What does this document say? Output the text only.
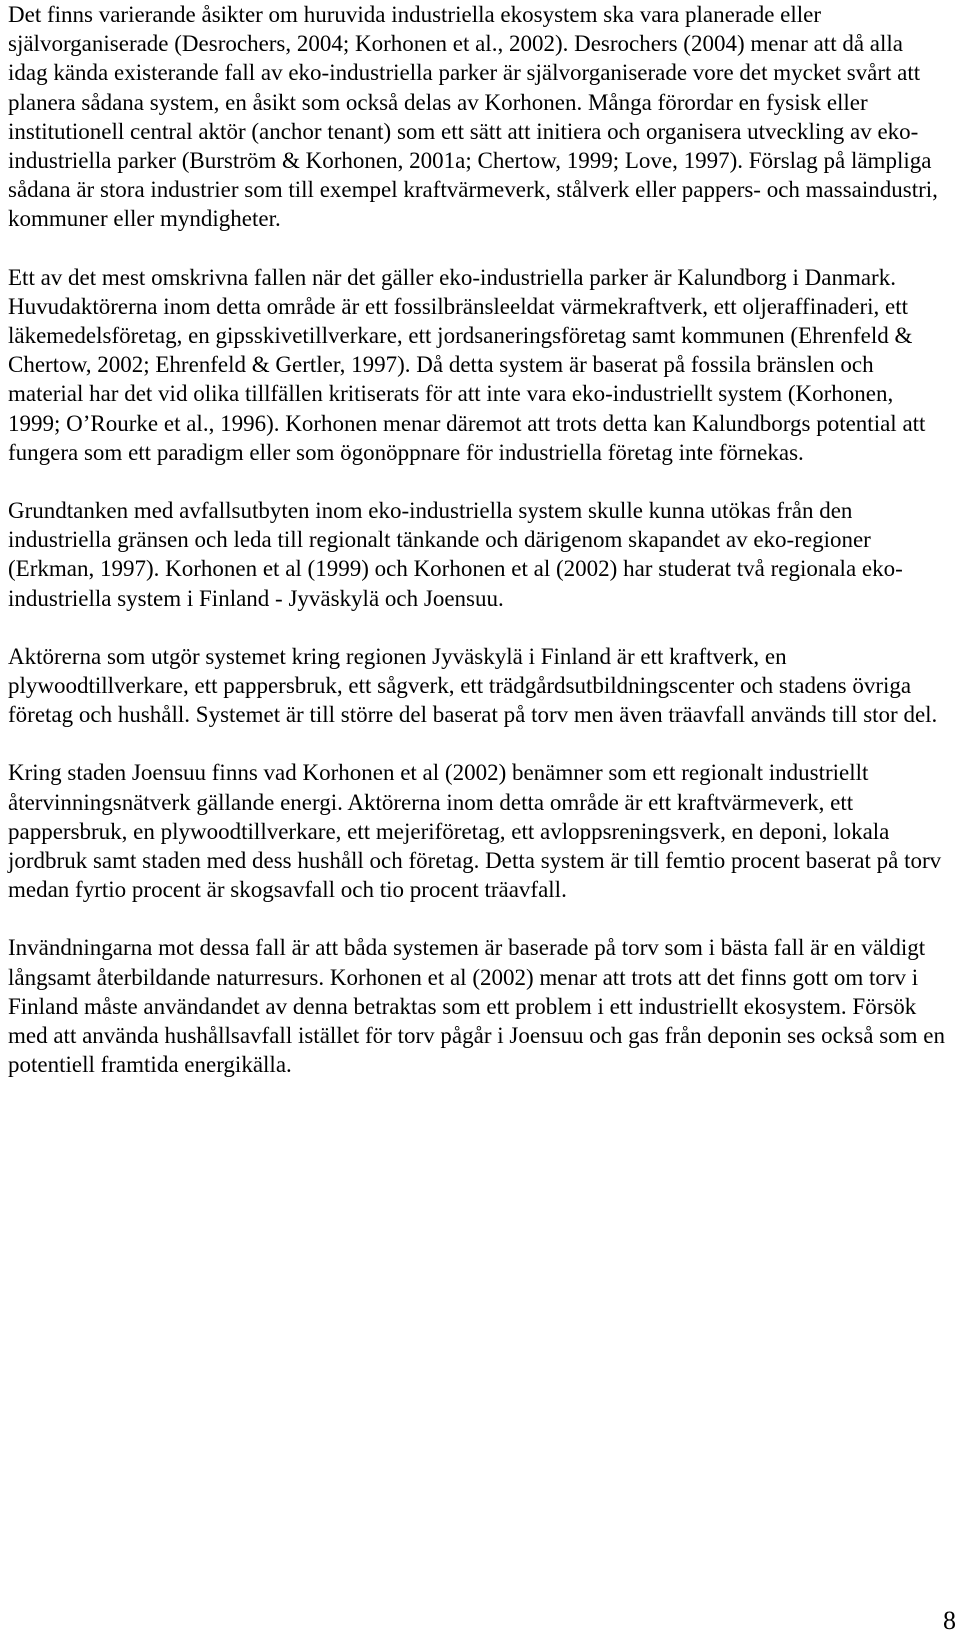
Det finns varierande åsikter om huruvida industriella ekosystem ska vara planerade eller självorganiserade (Desrochers, 2004; Korhonen et al., 2002). Desrochers (2004) menar att då alla idag kända existerande fall av eko-industriella parker är självorganiserade vore det mycket svårt att planera sådana system, en åsikt som också delas av Korhonen. Många förordar en fysisk eller institutionell central aktör (anchor tenant) som ett sätt att initiera och organisera utveckling av eko-industriella parker (Burström & Korhonen, 2001a; Chertow, 1999; Love, 1997). Förslag på lämpliga sådana är stora industrier som till exempel kraftvärmeverk, stålverk eller pappers- och massaindustri, kommuner eller myndigheter.

Ett av det mest omskrivna fallen när det gäller eko-industriella parker är Kalundborg i Danmark. Huvudaktörerna inom detta område är ett fossilbränsleeldat värmekraftverk, ett oljeraffinaderi, ett läkemedelsföretag, en gipsskivetillverkare, ett jordsaneringsföretag samt kommunen (Ehrenfeld & Chertow, 2002; Ehrenfeld & Gertler, 1997). Då detta system är baserat på fossila bränslen och material har det vid olika tillfällen kritiserats för att inte vara eko-industriellt system (Korhonen, 1999; O’Rourke et al., 1996). Korhonen menar däremot att trots detta kan Kalundborgs potential att fungera som ett paradigm eller som ögonöppnare för industriella företag inte förnekas.

Grundtanken med avfallsutbyten inom eko-industriella system skulle kunna utökas från den industriella gränsen och leda till regionalt tänkande och därigenom skapandet av eko-regioner (Erkman, 1997). Korhonen et al (1999) och Korhonen et al (2002) har studerat två regionala eko-industriella system i Finland - Jyväskylä och Joensuu.

Aktörerna som utgör systemet kring regionen Jyväskylä i Finland är ett kraftverk, en plywoodtillverkare, ett pappersbruk, ett sågverk, ett trädgårdsutbildningscenter och stadens övriga företag och hushåll. Systemet är till större del baserat på torv men även träavfall används till stor del.

Kring staden Joensuu finns vad Korhonen et al (2002) benämner som ett regionalt industriellt återvinningsnätverk gällande energi. Aktörerna inom detta område är ett kraftvärmeverk, ett pappersbruk, en plywoodtillverkare, ett mejeriföretag, ett avloppsreningsverk, en deponi, lokala jordbruk samt staden med dess hushåll och företag. Detta system är till femtio procent baserat på torv medan fyrtio procent är skogsavfall och tio procent träavfall.

Invändningarna mot dessa fall är att båda systemen är baserade på torv som i bästa fall är en väldigt långsamt återbildande naturresurs. Korhonen et al (2002) menar att trots att det finns gott om torv i Finland måste användandet av denna betraktas som ett problem i ett industriellt ekosystem. Försök med att använda hushållsavfall istället för torv pågår i Joensuu och gas från deponin ses också som en potentiell framtida energikälla.

8
